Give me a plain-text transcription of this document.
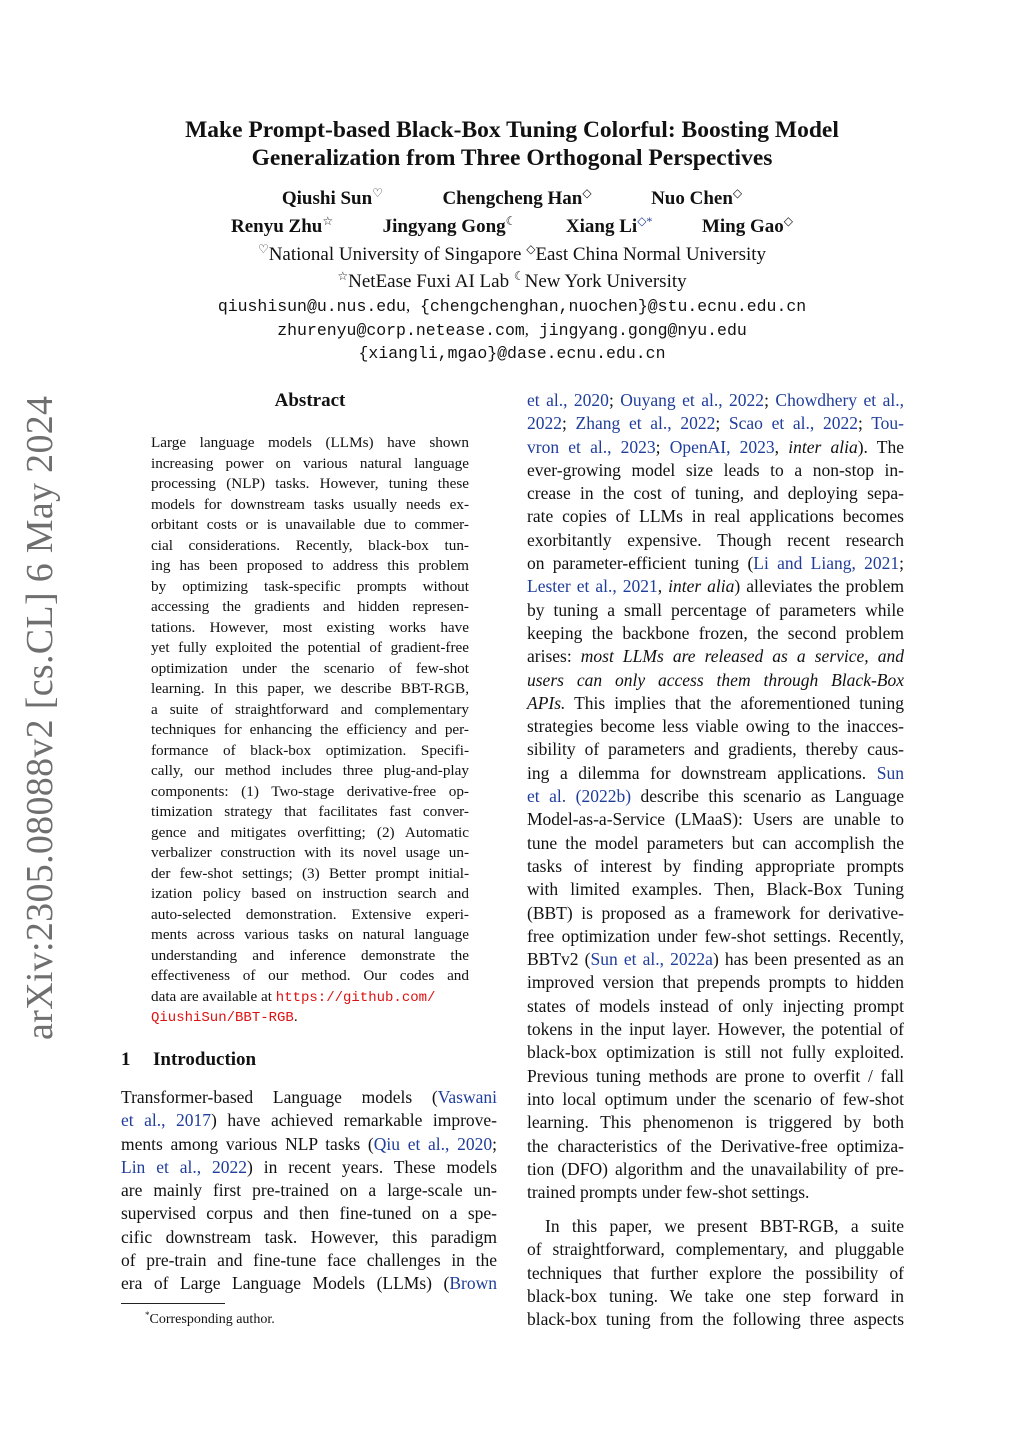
arXiv:2305.08088v2 [cs.CL] 6 May 2024
Make Prompt-based Black-Box Tuning Colorful: Boosting Model
Generalization from Three Orthogonal Perspectives
Qiushi Sun♡	Chengcheng Han◇	Nuo Chen◇
Renyu Zhu☆	Jingyang Gong☾	Xiang Li◇*	Ming Gao◇
♡National University of Singapore ◇East China Normal University
☆NetEase Fuxi AI Lab ☾New York University
qiushisun@u.nus.edu, {chengchenghan,nuochen}@stu.ecnu.edu.cn
zhurenyu@corp.netease.com, jingyang.gong@nyu.edu
{xiangli,mgao}@dase.ecnu.edu.cn
Abstract
Large language models (LLMs) have shown
increasing power on various natural language
processing (NLP) tasks. However, tuning these
models for downstream tasks usually needs ex-
orbitant costs or is unavailable due to commer-
cial considerations. Recently, black-box tun-
ing has been proposed to address this problem
by optimizing task-specific prompts without
accessing the gradients and hidden represen-
tations. However, most existing works have
yet fully exploited the potential of gradient-free
optimization under the scenario of few-shot
learning. In this paper, we describe BBT-RGB,
a suite of straightforward and complementary
techniques for enhancing the efficiency and per-
formance of black-box optimization. Specifi-
cally, our method includes three plug-and-play
components: (1) Two-stage derivative-free op-
timization strategy that facilitates fast conver-
gence and mitigates overfitting; (2) Automatic
verbalizer construction with its novel usage un-
der few-shot settings; (3) Better prompt initial-
ization policy based on instruction search and
auto-selected demonstration. Extensive experi-
ments across various tasks on natural language
understanding and inference demonstrate the
effectiveness of our method. Our codes and
data are available at https://github.com/
QiushiSun/BBT-RGB.
1 Introduction
Transformer-based Language models (Vaswani
et al., 2017) have achieved remarkable improve-
ments among various NLP tasks (Qiu et al., 2020;
Lin et al., 2022) in recent years. These models
are mainly first pre-trained on a large-scale un-
supervised corpus and then fine-tuned on a spe-
cific downstream task. However, this paradigm
of pre-train and fine-tune face challenges in the
era of Large Language Models (LLMs) (Brown
*Corresponding author.
et al., 2020; Ouyang et al., 2022; Chowdhery et al.,
2022; Zhang et al., 2022; Scao et al., 2022; Tou-
vron et al., 2023; OpenAI, 2023, inter alia). The
ever-growing model size leads to a non-stop in-
crease in the cost of tuning, and deploying sepa-
rate copies of LLMs in real applications becomes
exorbitantly expensive. Though recent research
on parameter-efficient tuning (Li and Liang, 2021;
Lester et al., 2021, inter alia) alleviates the problem
by tuning a small percentage of parameters while
keeping the backbone frozen, the second problem
arises: most LLMs are released as a service, and
users can only access them through Black-Box
APIs. This implies that the aforementioned tuning
strategies become less viable owing to the inacces-
sibility of parameters and gradients, thereby caus-
ing a dilemma for downstream applications. Sun
et al. (2022b) describe this scenario as Language
Model-as-a-Service (LMaaS): Users are unable to
tune the model parameters but can accomplish the
tasks of interest by finding appropriate prompts
with limited examples. Then, Black-Box Tuning
(BBT) is proposed as a framework for derivative-
free optimization under few-shot settings. Recently,
BBTv2 (Sun et al., 2022a) has been presented as an
improved version that prepends prompts to hidden
states of models instead of only injecting prompt
tokens in the input layer. However, the potential of
black-box optimization is still not fully exploited.
Previous tuning methods are prone to overfit / fall
into local optimum under the scenario of few-shot
learning. This phenomenon is triggered by both
the characteristics of the Derivative-free optimiza-
tion (DFO) algorithm and the unavailability of pre-
trained prompts under few-shot settings.
In this paper, we present BBT-RGB, a suite
of straightforward, complementary, and pluggable
techniques that further explore the possibility of
black-box tuning. We take one step forward in
black-box tuning from the following three aspects
